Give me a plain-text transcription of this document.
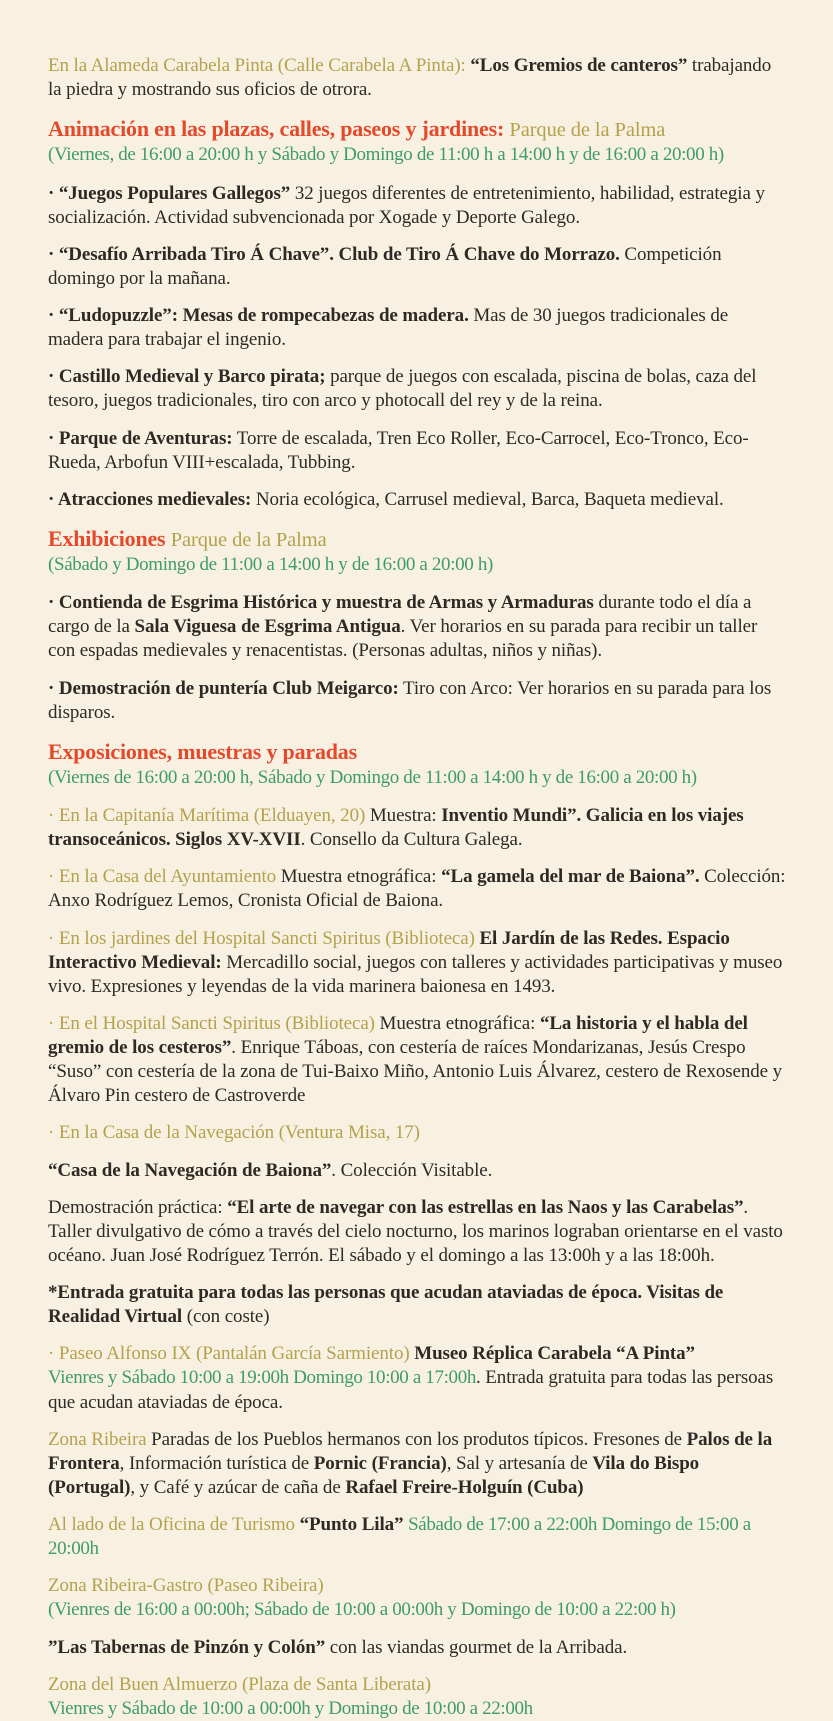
En la Alameda Carabela Pinta (Calle Carabela A Pinta): “Los Gremios de canteros” trabajando la piedra y mostrando sus oficios de otrora.

Animación en las plazas, calles, paseos y jardines: Parque de la Palma
(Viernes, de 16:00 a 20:00 h y Sábado y Domingo de 11:00 h a 14:00 h y de 16:00 a 20:00 h)

· “Juegos Populares Gallegos” 32 juegos diferentes de entretenimiento, habilidad, estrategia y socialización. Actividad subvencionada por Xogade y Deporte Galego.

· “Desafío Arribada Tiro Á Chave”. Club de Tiro Á Chave do Morrazo. Competición domingo por la mañana.

· “Ludopuzzle”: Mesas de rompecabezas de madera. Mas de 30 juegos tradicionales de madera para trabajar el ingenio.

· Castillo Medieval y Barco pirata; parque de juegos con escalada, piscina de bolas, caza del tesoro, juegos tradicionales, tiro con arco y photocall del rey y de la reina.

· Parque de Aventuras: Torre de escalada, Tren Eco Roller, Eco-Carrocel, Eco-Tronco, Eco-Rueda, Arbofun VIII+escalada, Tubbing.

· Atracciones medievales: Noria ecológica, Carrusel medieval, Barca, Baqueta medieval.

Exhibiciones Parque de la Palma
(Sábado y Domingo de 11:00 a 14:00 h y de 16:00 a 20:00 h)

· Contienda de Esgrima Histórica y muestra de Armas y Armaduras durante todo el día a cargo de la Sala Viguesa de Esgrima Antigua. Ver horarios en su parada para recibir un taller con espadas medievales y renacentistas. (Personas adultas, niños y niñas).

· Demostración de puntería Club Meigarco: Tiro con Arco: Ver horarios en su parada para los disparos.

Exposiciones, muestras y paradas
(Viernes de 16:00 a 20:00 h, Sábado y Domingo de 11:00 a 14:00 h y de 16:00 a 20:00 h)

· En la Capitanía Marítima (Elduayen, 20) Muestra: Inventio Mundi”. Galicia en los viajes transoceánicos. Siglos XV-XVII. Consello da Cultura Galega.

· En la Casa del Ayuntamiento Muestra etnográfica: “La gamela del mar de Baiona”. Colección: Anxo Rodríguez Lemos, Cronista Oficial de Baiona.

· En los jardines del Hospital Sancti Spiritus (Biblioteca) El Jardín de las Redes. Espacio Interactivo Medieval: Mercadillo social, juegos con talleres y actividades participativas y museo vivo. Expresiones y leyendas de la vida marinera baionesa en 1493.

· En el Hospital Sancti Spiritus (Biblioteca) Muestra etnográfica: “La historia y el habla del gremio de los cesteros”. Enrique Táboas, con cestería de raíces Mondarizanas, Jesús Crespo “Suso” con cestería de la zona de Tui-Baixo Miño, Antonio Luis Álvarez, cestero de Rexosende y Álvaro Pin cestero de Castroverde

· En la Casa de la Navegación (Ventura Misa, 17)

“Casa de la Navegación de Baiona”. Colección Visitable.

Demostración práctica: “El arte de navegar con las estrellas en las Naos y las Carabelas”. Taller divulgativo de cómo a través del cielo nocturno, los marinos lograban orientarse en el vasto océano. Juan José Rodríguez Terrón. El sábado y el domingo a las 13:00h y a las 18:00h.

*Entrada gratuita para todas las personas que acudan ataviadas de época. Visitas de Realidad Virtual (con coste)

· Paseo Alfonso IX (Pantalán García Sarmiento) Museo Réplica Carabela “A Pinta”
Vienres y Sábado 10:00 a 19:00h Domingo 10:00 a 17:00h. Entrada gratuita para todas las persoas que acudan ataviadas de época.

Zona Ribeira Paradas de los Pueblos hermanos con los produtos típicos. Fresones de Palos de la Frontera, Información turística de Pornic (Francia), Sal y artesanía de Vila do Bispo (Portugal), y Café y azúcar de caña de Rafael Freire-Holguín (Cuba)

Al lado de la Oficina de Turismo “Punto Lila” Sábado de 17:00 a 22:00h Domingo de 15:00 a 20:00h

Zona Ribeira-Gastro (Paseo Ribeira)
(Vienres de 16:00 a 00:00h; Sábado de 10:00 a 00:00h y Domingo de 10:00 a 22:00 h)

”Las Tabernas de Pinzón y Colón” con las viandas gourmet de la Arribada.

Zona del Buen Almuerzo (Plaza de Santa Liberata)
Vienres y Sábado de 10:00 a 00:00h y Domingo de 10:00 a 22:00h
